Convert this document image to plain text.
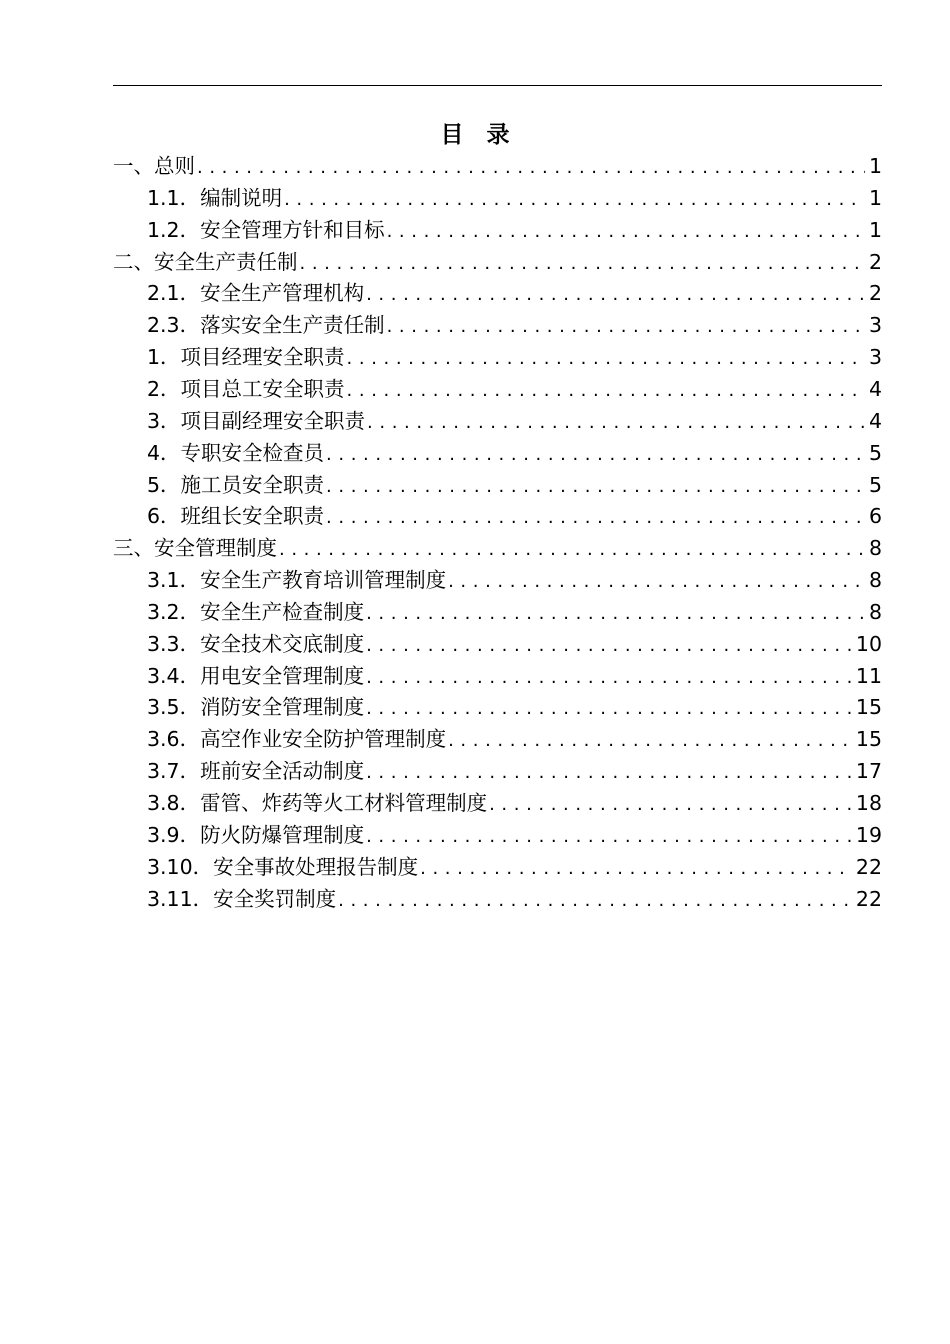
目　录
一、总则 .....	1
1.1．编制说明 .....	1
1.2．安全管理方针和目标 .....	1
二、安全生产责任制 .....	2
2.1．安全生产管理机构 .....	2
2.3．落实安全生产责任制 .....	3
1．项目经理安全职责 .....	3
2．项目总工安全职责 .....	4
3．项目副经理安全职责 .....	4
4．专职安全检查员 .....	5
5．施工员安全职责 .....	5
6．班组长安全职责 .....	6
三、安全管理制度 .....	8
3.1．安全生产教育培训管理制度 .....	8
3.2．安全生产检查制度 .....	8
3.3．安全技术交底制度 .....	10
3.4．用电安全管理制度 .....	11
3.5．消防安全管理制度 .....	15
3.6．高空作业安全防护管理制度 .....	15
3.7．班前安全活动制度 .....	17
3.8．雷管、炸药等火工材料管理制度 .....	18
3.9．防火防爆管理制度 .....	19
3.10．安全事故处理报告制度 .....	22
3.11．安全奖罚制度 .....	22
